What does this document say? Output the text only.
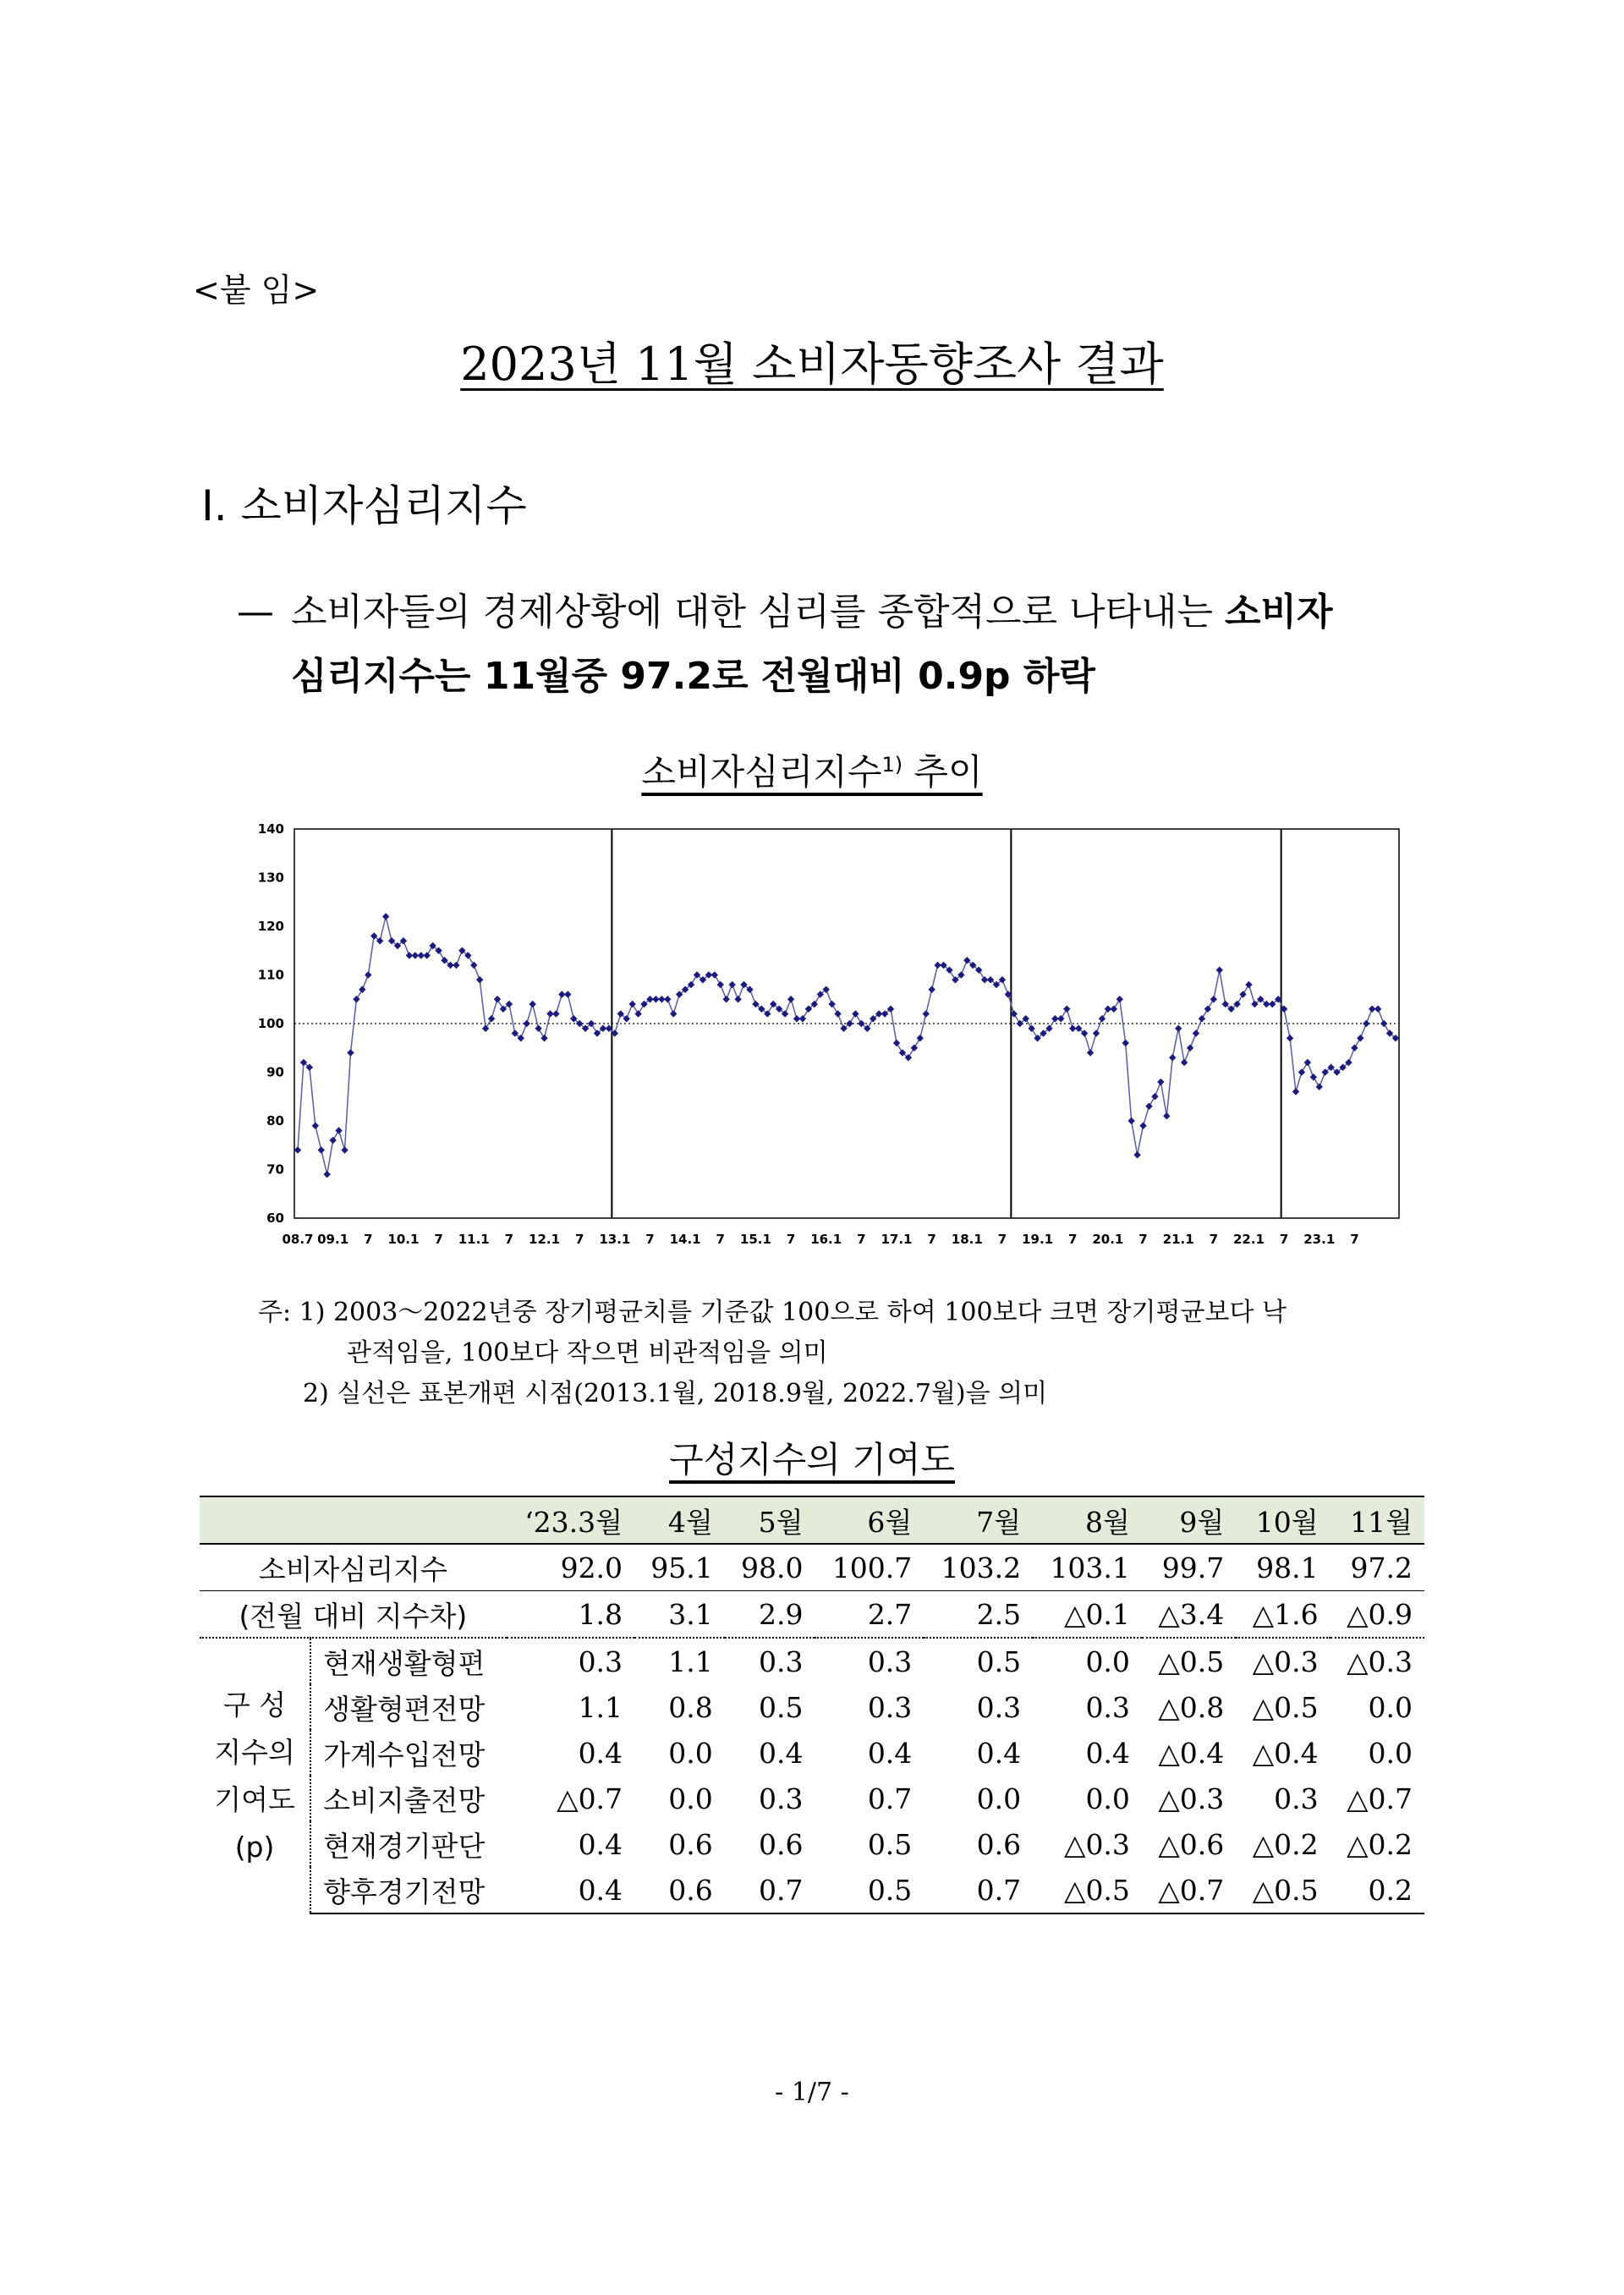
<붙 임>
2023년 11월 소비자동향조사 결과
Ⅰ. 소비자심리지수
— 소비자들의 경제상황에 대한 심리를 종합적으로 나타내는 소비자
심리지수는 11월중 97.2로 전월대비 0.9p 하락
소비자심리지수$^{1)}$ 추이
60
70
80
90
100
110
120
130
140
08.7 09.1 7 10.1 7 11.1 7 12.1 7 13.1 7 14.1 7 15.1 7 16.1 7 17.1 7 18.1 7 19.1 7 20.1 7 21.1 7 22.1 7 23.1 7
주: 1) 2003～2022년중 장기평균치를 기준값 100으로 하여 100보다 크면 장기평균보다 낙
관적임을, 100보다 작으면 비관적임을 의미
2) 실선은 표본개편 시점(2013.1월, 2018.9월, 2022.7월)을 의미
구성지수의 기여도
		‘23.3월	4월	5월	6월	7월	8월	9월	10월	11월
소비자심리지수		92.0	95.1	98.0	100.7	103.2	103.1	99.7	98.1	97.2
(전월 대비 지수차)		1.8	3.1	2.9	2.7	2.5	△0.1	△3.4	△1.6	△0.9

구 성
지수의
기여도
(p)	현재생활형편	0.3	1.1	0.3	0.3	0.5	0.0	△0.5	△0.3	△0.3
	생활형편전망	1.1	0.8	0.5	0.3	0.3	0.3	△0.8	△0.5	0.0
	가계수입전망	0.4	0.0	0.4	0.4	0.4	0.4	△0.4	△0.4	0.0
	소비지출전망	△0.7	0.0	0.3	0.7	0.0	0.0	△0.3	0.3	△0.7
	현재경기판단	0.4	0.6	0.6	0.5	0.6	△0.3	△0.6	△0.2	△0.2
	향후경기전망	0.4	0.6	0.7	0.5	0.7	△0.5	△0.7	△0.5	0.2
- 1/7 -
